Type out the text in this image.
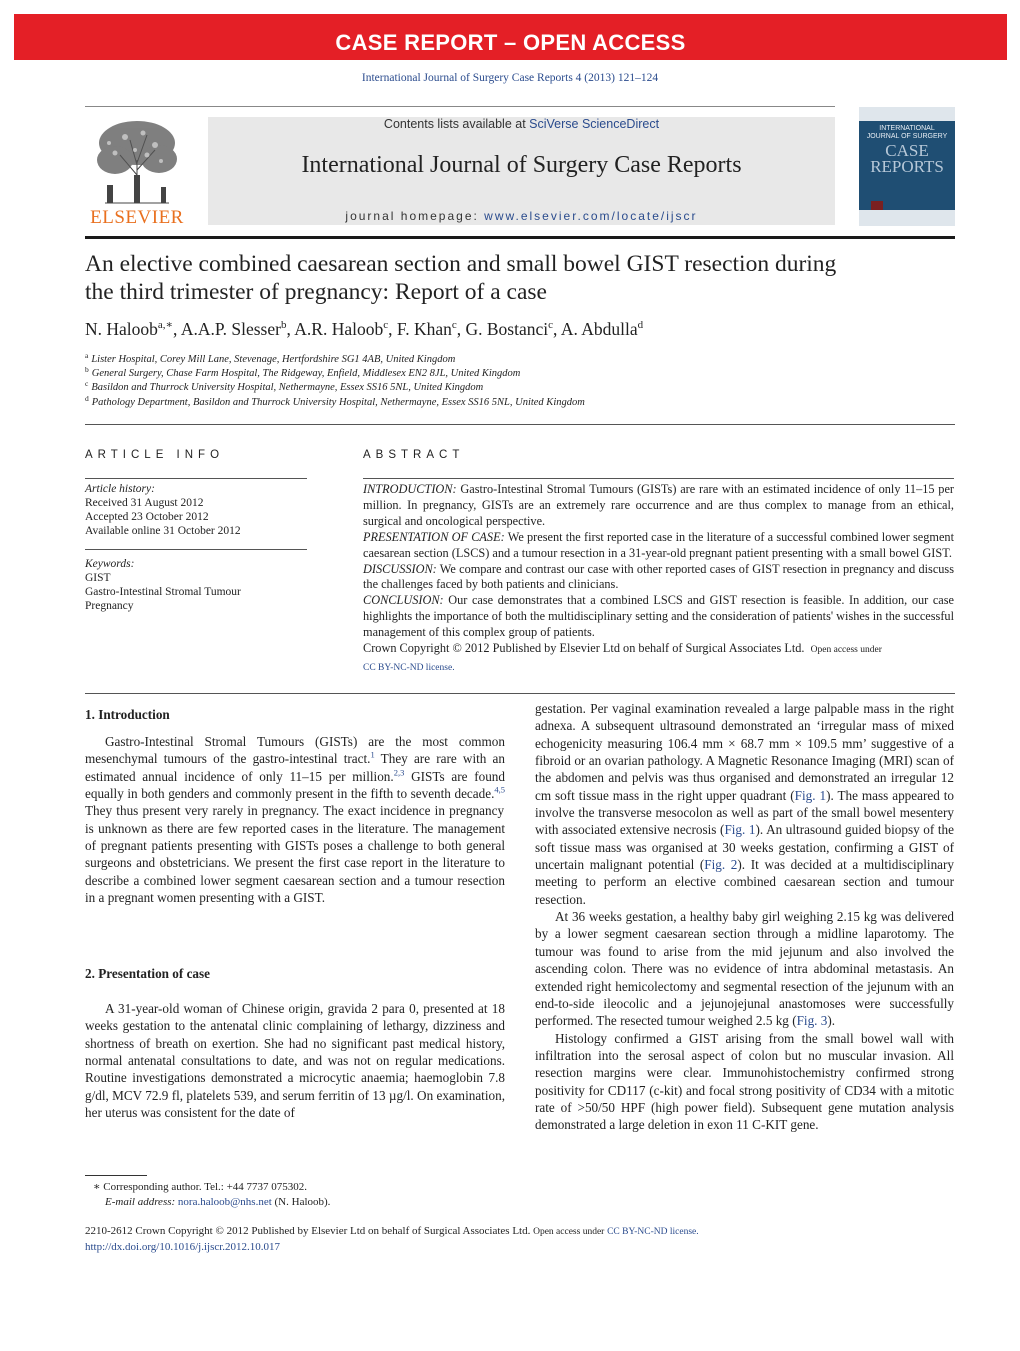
CASE REPORT – OPEN ACCESS
International Journal of Surgery Case Reports 4 (2013) 121–124
ELSEVIER
Contents lists available at SciVerse ScienceDirect
International Journal of Surgery Case Reports
journal homepage: www.elsevier.com/locate/ijscr
INTERNATIONAL
JOURNAL OF SURGERY
CASE
REPORTS
An elective combined caesarean section and small bowel GIST resection during
the third trimester of pregnancy: Report of a case
N. Haloob$^{a,∗}$, A.A.P. Slesser$^b$, A.R. Haloob$^c$, F. Khan$^c$, G. Bostanci$^c$, A. Abdulla$^d$
$^a$ Lister Hospital, Corey Mill Lane, Stevenage, Hertfordshire SG1 4AB, United Kingdom
$^b$ General Surgery, Chase Farm Hospital, The Ridgeway, Enfield, Middlesex EN2 8JL, United Kingdom
$^c$ Basildon and Thurrock University Hospital, Nethermayne, Essex SS16 5NL, United Kingdom
$^d$ Pathology Department, Basildon and Thurrock University Hospital, Nethermayne, Essex SS16 5NL, United Kingdom
ARTICLE INFO
Article history:
Received 31 August 2012
Accepted 23 October 2012
Available online 31 October 2012
Keywords:
GIST
Gastro-Intestinal Stromal Tumour
Pregnancy
ABSTRACT

INTRODUCTION: Gastro-Intestinal Stromal Tumours (GISTs) are rare with an estimated incidence of only 11–15 per million. In pregnancy, GISTs are an extremely rare occurrence and are thus complex to manage from an ethical, surgical and oncological perspective.

PRESENTATION OF CASE: We present the first reported case in the literature of a successful combined lower segment caesarean section (LSCS) and a tumour resection in a 31-year-old pregnant patient presenting with a small bowel GIST.

DISCUSSION: We compare and contrast our case with other reported cases of GIST resection in pregnancy and discuss the challenges faced by both patients and clinicians.

CONCLUSION: Our case demonstrates that a combined LSCS and GIST resection is feasible. In addition, our case highlights the importance of both the multidisciplinary setting and the consideration of patients' wishes in the successful management of this complex group of patients.

Crown Copyright © 2012 Published by Elsevier Ltd on behalf of Surgical Associates Ltd. Open access under
CC BY-NC-ND license.

1. Introduction

Gastro-Intestinal Stromal Tumours (GISTs) are the most common mesenchymal tumours of the gastro-intestinal tract.$^1$ They are rare with an estimated annual incidence of only 11–15 per million.$^{2,3}$ GISTs are found equally in both genders and commonly present in the fifth to seventh decade.$^{4,5}$ They thus present very rarely in pregnancy. The exact incidence in pregnancy is unknown as there are few reported cases in the literature. The management of pregnant patients presenting with GISTs poses a challenge to both general surgeons and obstetricians. We present the first case report in the literature to describe a combined lower segment caesarean section and a tumour resection in a pregnant women presenting with a GIST.

2. Presentation of case

A 31-year-old woman of Chinese origin, gravida 2 para 0, presented at 18 weeks gestation to the antenatal clinic complaining of lethargy, dizziness and shortness of breath on exertion. She had no significant past medical history, normal antenatal consultations to date, and was not on regular medications. Routine investigations demonstrated a microcytic anaemia; haemoglobin 7.8 g/dl, MCV 72.9 fl, platelets 539, and serum ferritin of 13 µg/l. On examination, her uterus was consistent for the date of

∗ Corresponding author. Tel.: +44 7737 075302.
E-mail address: nora.haloob@nhs.net (N. Haloob).

gestation. Per vaginal examination revealed a large palpable mass in the right adnexa. A subsequent ultrasound demonstrated an ‘irregular mass of mixed echogenicity measuring 106.4 mm × 68.7 mm × 109.5 mm’ suggestive of a fibroid or an ovarian pathology. A Magnetic Resonance Imaging (MRI) scan of the abdomen and pelvis was thus organised and demonstrated an irregular 12 cm soft tissue mass in the right upper quadrant (Fig. 1). The mass appeared to involve the transverse mesocolon as well as part of the small bowel mesentery with associated extensive necrosis (Fig. 1). An ultrasound guided biopsy of the soft tissue mass was organised at 30 weeks gestation, confirming a GIST of uncertain malignant potential (Fig. 2). It was decided at a multidisciplinary meeting to perform an elective combined caesarean section and tumour resection.

At 36 weeks gestation, a healthy baby girl weighing 2.15 kg was delivered by a lower segment caesarean section through a midline laparotomy. The tumour was found to arise from the mid jejunum and also involved the ascending colon. There was no evidence of intra abdominal metastasis. An extended right hemicolectomy and segmental resection of the jejunum with an end-to-side ileocolic and a jejunojejunal anastomoses were successfully performed. The resected tumour weighed 2.5 kg (Fig. 3).

Histology confirmed a GIST arising from the small bowel wall with infiltration into the serosal aspect of colon but no muscular invasion. All resection margins were clear. Immunohistochemistry confirmed strong positivity for CD117 (c-kit) and focal strong positivity of CD34 with a mitotic rate of >50/50 HPF (high power field). Subsequent gene mutation analysis demonstrated a large deletion in exon 11 C-KIT gene.

2210-2612 Crown Copyright © 2012 Published by Elsevier Ltd on behalf of Surgical Associates Ltd. Open access under CC BY-NC-ND license.
http://dx.doi.org/10.1016/j.ijscr.2012.10.017
